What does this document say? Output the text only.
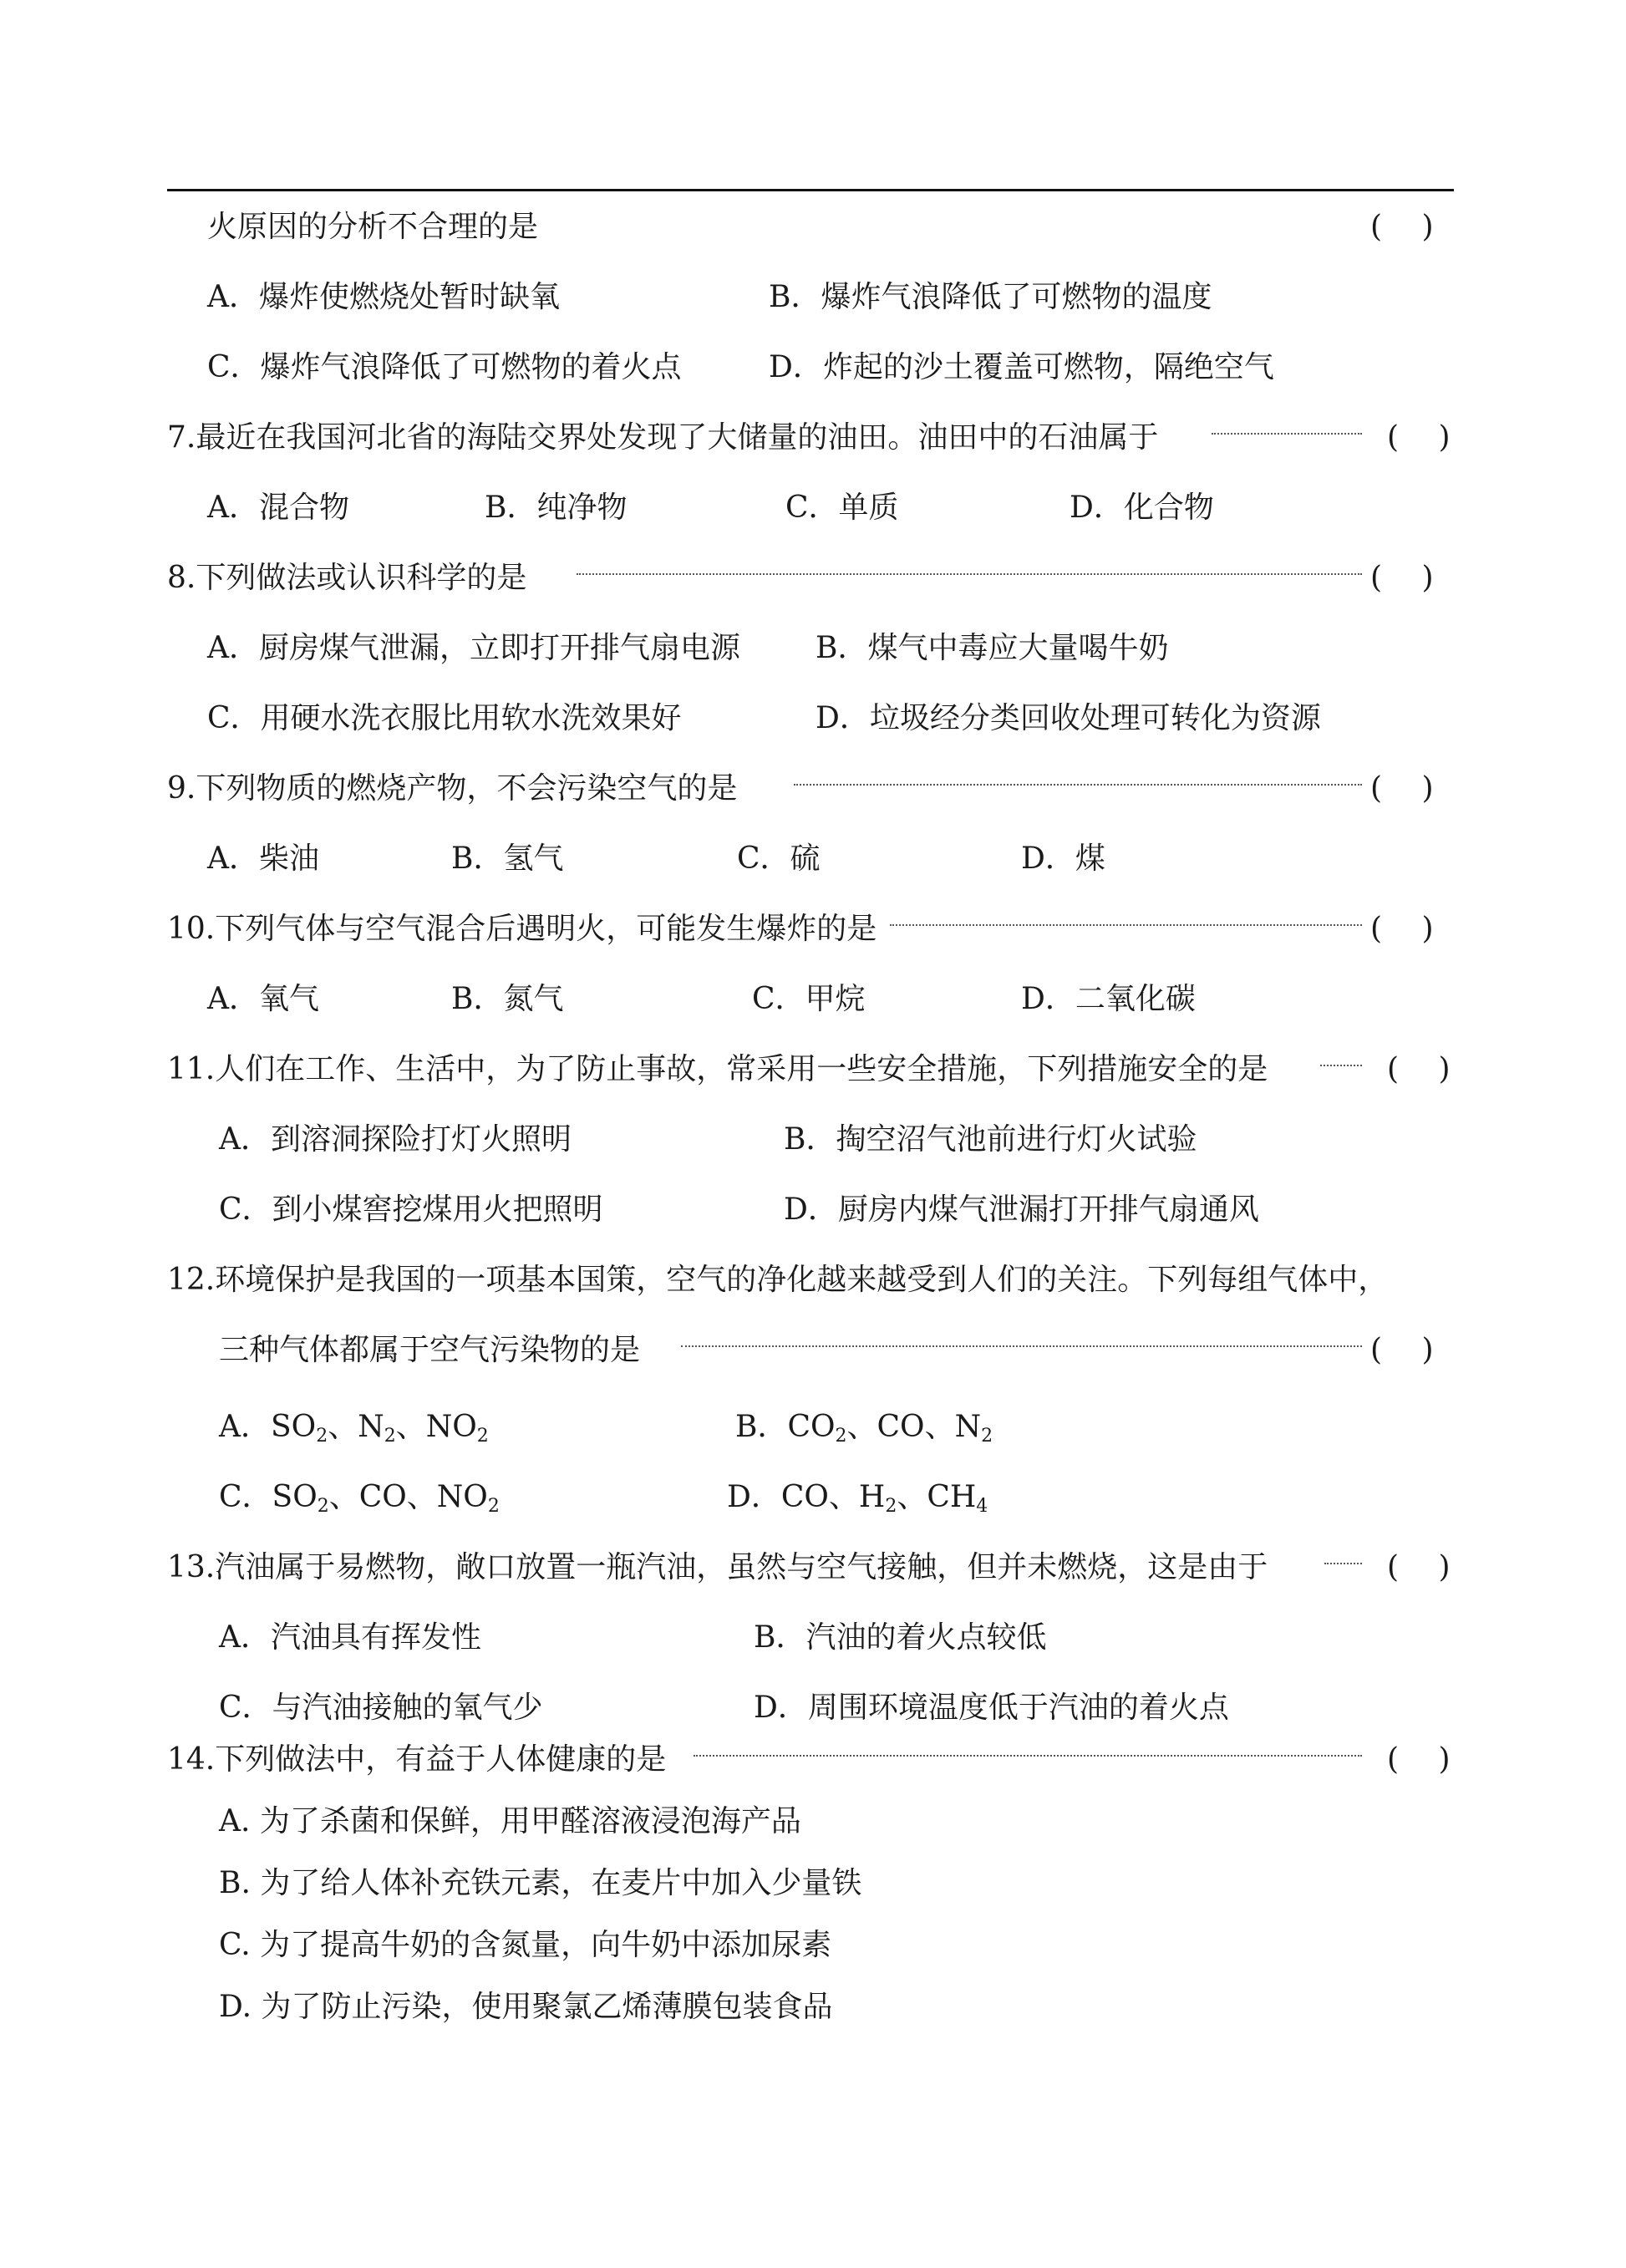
火原因的分析不合理的是	(　 )
A．爆炸使燃烧处暂时缺氧	B．爆炸气浪降低了可燃物的温度
C．爆炸气浪降低了可燃物的着火点	D．炸起的沙土覆盖可燃物，隔绝空气
7.最近在我国河北省的海陆交界处发现了大储量的油田。油田中的石油属于	(　 )
A．混合物	B．纯净物	C．单质	D．化合物
8.下列做法或认识科学的是	(　 )
A．厨房煤气泄漏，立即打开排气扇电源	B．煤气中毒应大量喝牛奶
C．用硬水洗衣服比用软水洗效果好	D．垃圾经分类回收处理可转化为资源
9.下列物质的燃烧产物，不会污染空气的是	(　 )
A．柴油	B．氢气	C．硫	D．煤
10.下列气体与空气混合后遇明火，可能发生爆炸的是	(　 )
A．氧气	B．氮气	C．甲烷	D．二氧化碳
11.人们在工作、生活中，为了防止事故，常采用一些安全措施，下列措施安全的是	(　 )
A．到溶洞探险打灯火照明	B．掏空沼气池前进行灯火试验
C．到小煤窖挖煤用火把照明	D．厨房内煤气泄漏打开排气扇通风
12.环境保护是我国的一项基本国策，空气的净化越来越受到人们的关注。下列每组气体中，
三种气体都属于空气污染物的是	(　 )
A．$SO_2$、$N_2$、$NO_2$	B．$CO_2$、CO、$N_2$
C．$SO_2$、CO、$NO_2$	D．CO、$H_2$、$CH_4$
13.汽油属于易燃物，敞口放置一瓶汽油，虽然与空气接触，但并未燃烧，这是由于	(　 )
A．汽油具有挥发性	B．汽油的着火点较低
C．与汽油接触的氧气少	D．周围环境温度低于汽油的着火点
14.下列做法中，有益于人体健康的是	(　 )
A. 为了杀菌和保鲜，用甲醛溶液浸泡海产品
B. 为了给人体补充铁元素，在麦片中加入少量铁
C. 为了提高牛奶的含氮量，向牛奶中添加尿素
D. 为了防止污染，使用聚氯乙烯薄膜包装食品
